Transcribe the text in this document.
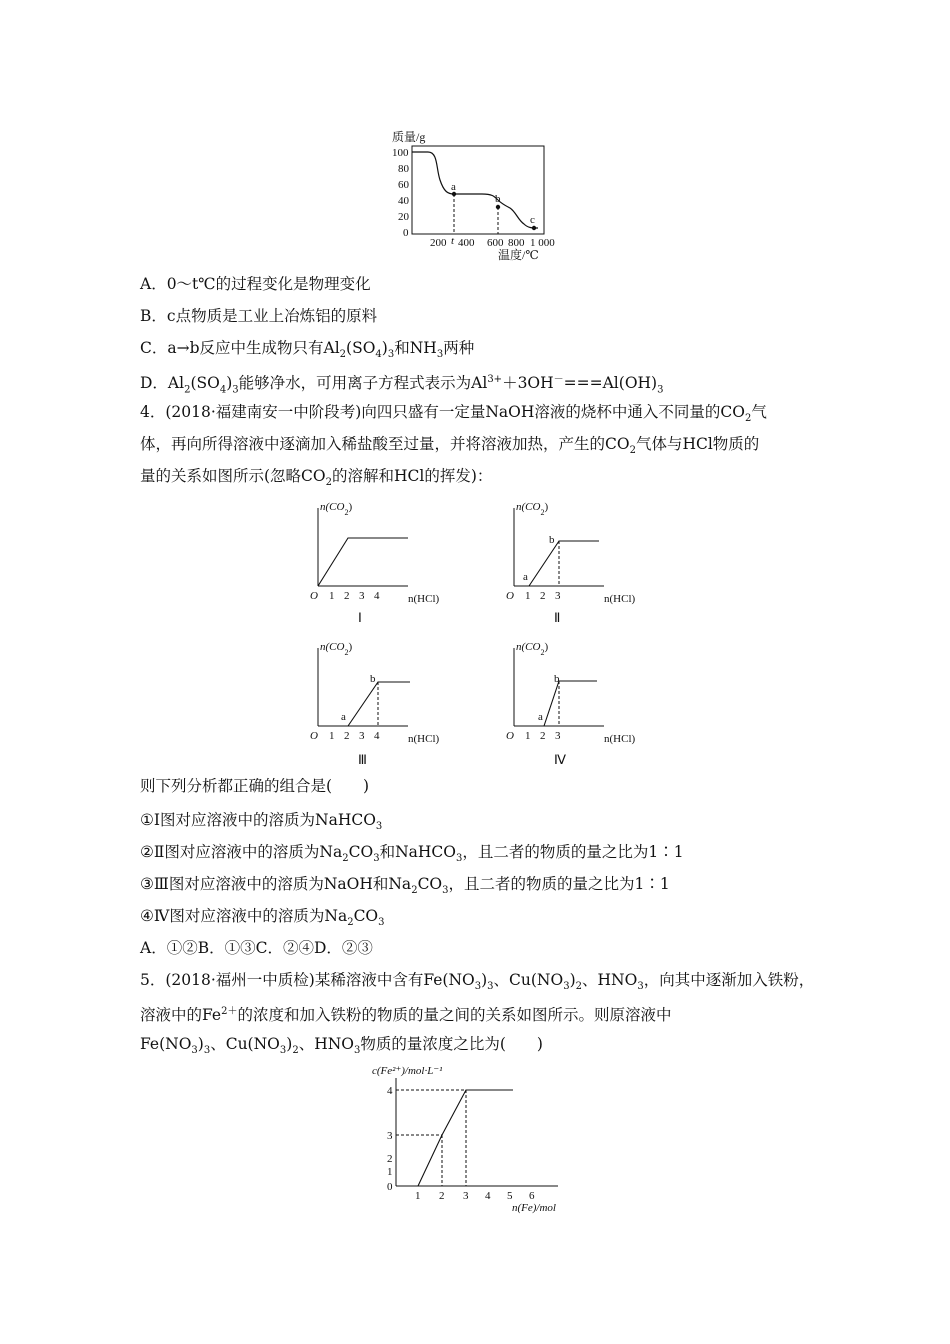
质量/g
100
80
60
40
20
0
a
b
c
200 t 400 600 800 1 000
温度/℃
A．0～t℃的过程变化是物理变化
B．c点物质是工业上冶炼铝的原料
C．a→b反应中生成物只有$Al_2(SO_4)_3$和$NH_3$两种
D．$Al_2(SO_4)_3$能够净水，可用离子方程式表示为$Al^{3+}+3OH^-===Al(OH)_3$
4．(2018·福建南安一中阶段考)向四只盛有一定量NaOH溶液的烧杯中通入不同量的$CO_2$气
体，再向所得溶液中逐滴加入稀盐酸至过量，并将溶液加热，产生的$CO_2$气体与HCl物质的
量的关系如图所示(忽略$CO_2$的溶解和HCl的挥发)：
$n(CO_2)$
O 1 2 3 4	n(HCl)
Ⅰ
$n(CO_2)$
a
b
O 1 2 3	n(HCl)
Ⅱ
$n(CO_2)$
a
b
O 1 2 3 4	n(HCl)
Ⅲ
$n(CO_2)$
a
b
O 1 2 3	n(HCl)
Ⅳ
则下列分析都正确的组合是(　　)
①Ⅰ图对应溶液中的溶质为NaHCO$_3$
②Ⅱ图对应溶液中的溶质为$Na_2CO_3$和NaHCO$_3$，且二者的物质的量之比为1∶1
③Ⅲ图对应溶液中的溶质为NaOH和$Na_2CO_3$，且二者的物质的量之比为1∶1
④Ⅳ图对应溶液中的溶质为$Na_2CO_3$
A．①②B．①③C．②④D．②③
5．(2018·福州一中质检)某稀溶液中含有$Fe(NO_3)_3$、$Cu(NO_3)_2$、$HNO_3$，向其中逐渐加入铁粉，
溶液中的$Fe^{2+}$的浓度和加入铁粉的物质的量之间的关系如图所示。则原溶液中
$Fe(NO_3)_3$、$Cu(NO_3)_2$、$HNO_3$物质的量浓度之比为(　　)
c(Fe²⁺)/mol·L⁻¹
4
3
2
1
0
1 2 3 4 5 6
n(Fe)/mol
